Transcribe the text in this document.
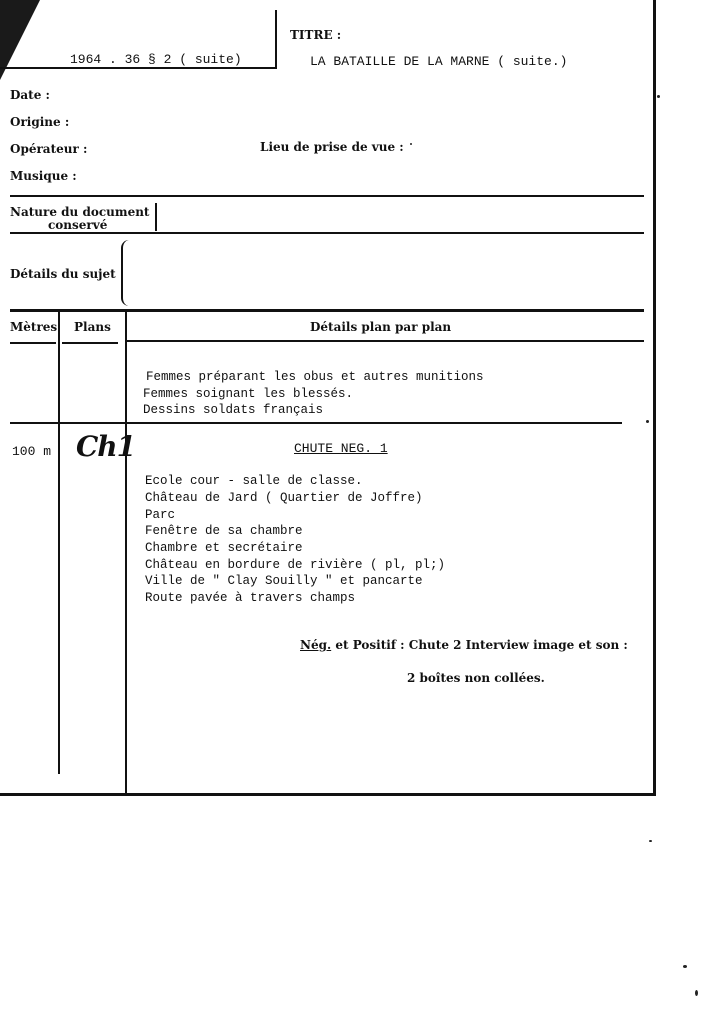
1964 . 36 § 2 ( suite)
TITRE :
LA BATAILLE DE LA MARNE ( suite.)
Date :
Origine :
Opérateur :	Lieu de prise de vue :
Musique :
Nature du document
conservé
Détails du sujet
Mètres Plans	Détails plan par plan
Femmes préparant les obus et autres munitions
Femmes soignant les blessés.
Dessins soldats français
100 m Ch1	CHUTE NEG. 1
Ecole cour - salle de classe.
Château de Jard ( Quartier de Joffre)
Parc
Fenêtre de sa chambre
Chambre et secrétaire
Château en bordure de rivière ( pl, pl;)
Ville de " Clay Souilly " et pancarte
Route pavée à travers champs
Nég. et Positif : Chute 2 Interview image et son :
2 boîtes non collées.
